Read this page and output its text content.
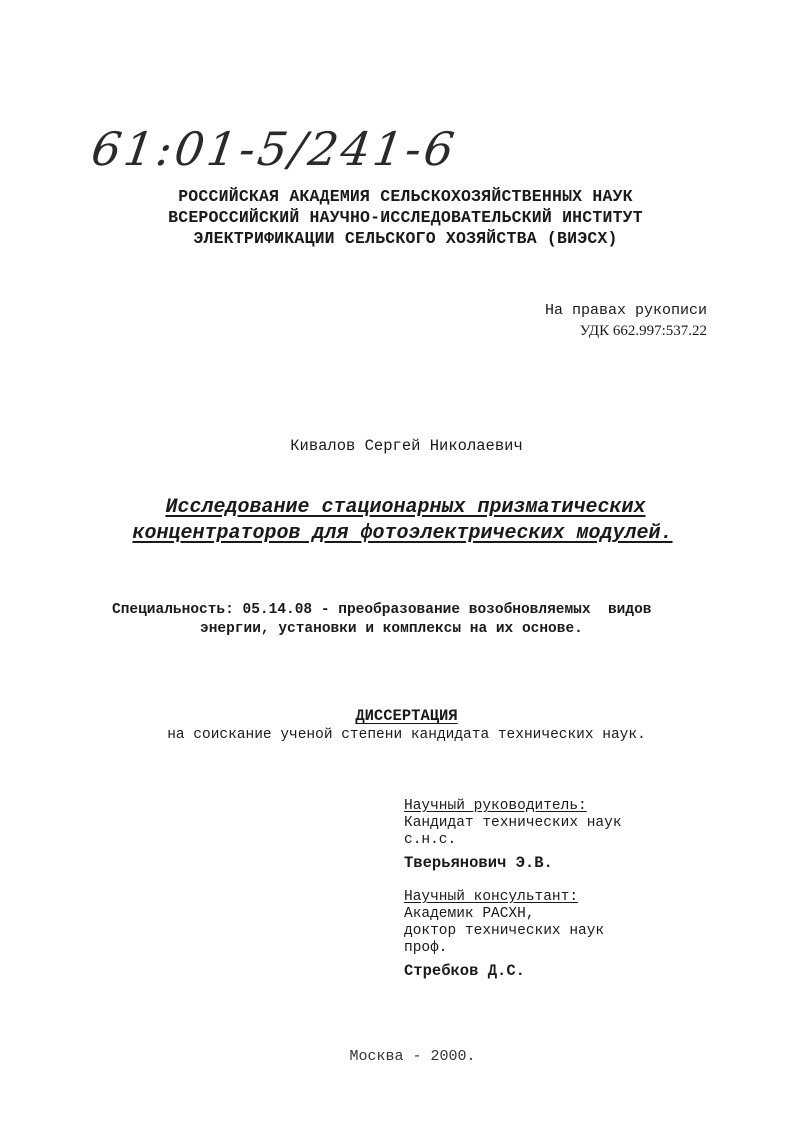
61:01-5/241-6
РОССИЙСКАЯ АКАДЕМИЯ СЕЛЬСКОХОЗЯЙСТВЕННЫХ НАУК
ВСЕРОССИЙСКИЙ НАУЧНО-ИССЛЕДОВАТЕЛЬСКИЙ ИНСТИТУТ
ЭЛЕКТРИФИКАЦИИ СЕЛЬСКОГО ХОЗЯЙСТВА (ВИЭСХ)
На правах рукописи
УДК 662.997:537.22
Кивалов Сергей Николаевич
Исследование стационарных призматических
концентраторов для фотоэлектрических модулей.
Специальность: 05.14.08 - преобразование возобновляемых  видов
энергии, установки и комплексы на их основе.
ДИССЕРТАЦИЯ
на соискание ученой степени кандидата технических наук.
Научный руководитель:
Кандидат технических наук
с.н.с.
Тверьянович Э.В.
Научный консультант:
Академик РАСХН,
доктор технических наук
проф.
Стребков Д.С.
Москва - 2000.
